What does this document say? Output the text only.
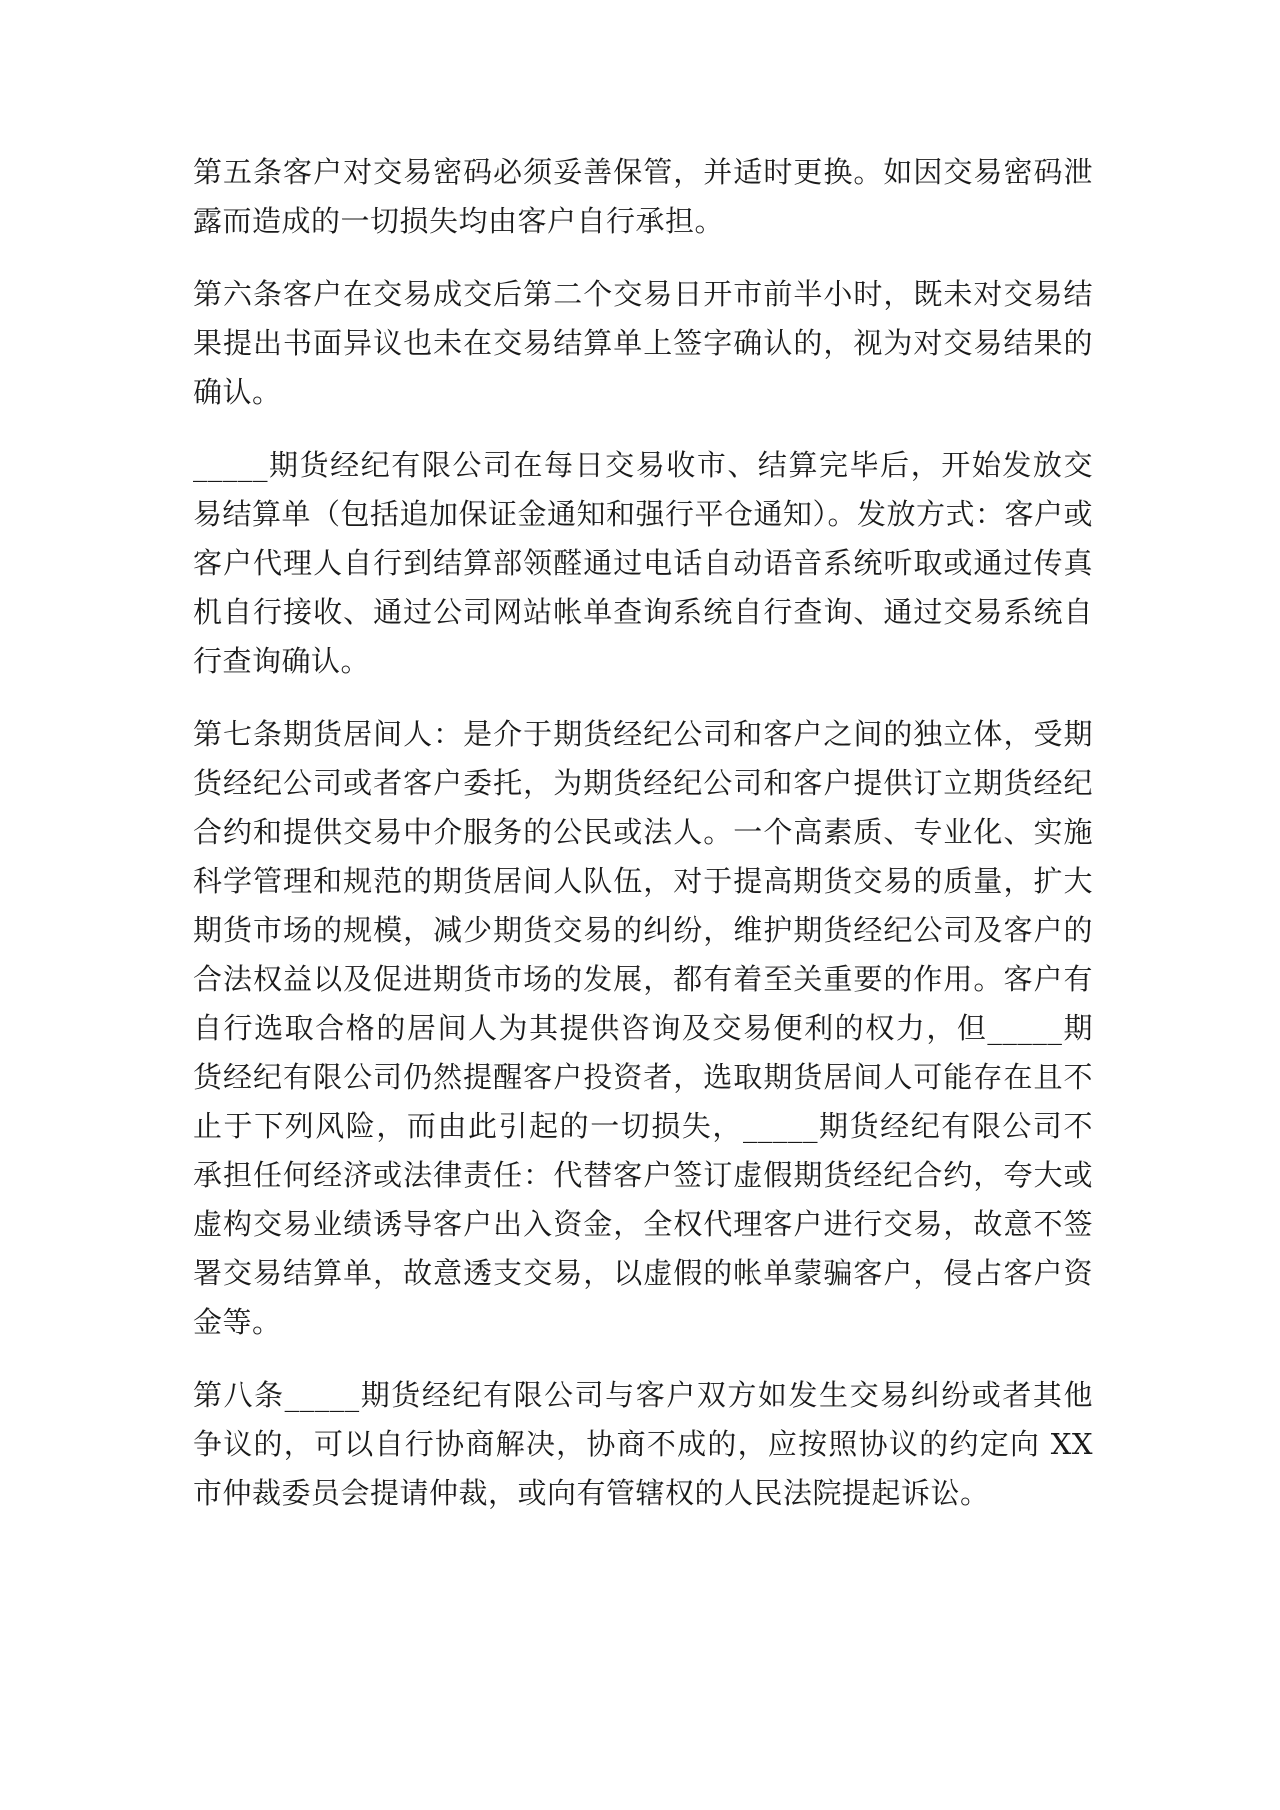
第五条客户对交易密码必须妥善保管，并适时更换。如因交易密码泄露而造成的一切损失均由客户自行承担。

第六条客户在交易成交后第二个交易日开市前半小时，既未对交易结果提出书面异议也未在交易结算单上签字确认的，视为对交易结果的确认。

_____期货经纪有限公司在每日交易收市、结算完毕后，开始发放交易结算单（包括追加保证金通知和强行平仓通知）。发放方式：客户或客户代理人自行到结算部领醛通过电话自动语音系统听取或通过传真机自行接收、通过公司网站帐单查询系统自行查询、通过交易系统自行查询确认。

第七条期货居间人：是介于期货经纪公司和客户之间的独立体，受期货经纪公司或者客户委托，为期货经纪公司和客户提供订立期货经纪合约和提供交易中介服务的公民或法人。一个高素质、专业化、实施科学管理和规范的期货居间人队伍，对于提高期货交易的质量，扩大期货市场的规模，减少期货交易的纠纷，维护期货经纪公司及客户的合法权益以及促进期货市场的发展，都有着至关重要的作用。客户有自行选取合格的居间人为其提供咨询及交易便利的权力，但_____期货经纪有限公司仍然提醒客户投资者，选取期货居间人可能存在且不止于下列风险，而由此引起的一切损失，_____期货经纪有限公司不承担任何经济或法律责任：代替客户签订虚假期货经纪合约，夸大或虚构交易业绩诱导客户出入资金，全权代理客户进行交易，故意不签署交易结算单，故意透支交易，以虚假的帐单蒙骗客户，侵占客户资金等。

第八条_____期货经纪有限公司与客户双方如发生交易纠纷或者其他争议的，可以自行协商解决，协商不成的，应按照协议的约定向 XX 市仲裁委员会提请仲裁，或向有管辖权的人民法院提起诉讼。
